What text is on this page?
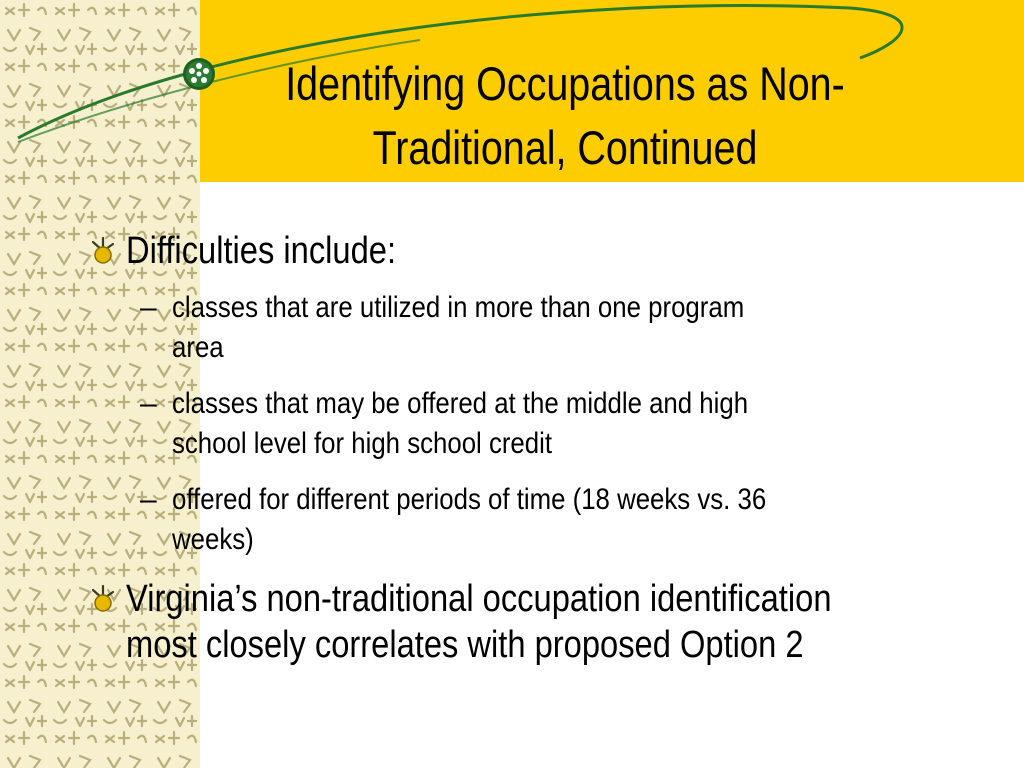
Identifying Occupations as Non-
Traditional, Continued
Difficulties include:
– classes that are utilized in more than one program
area
– classes that may be offered at the middle and high
school level for high school credit
– offered for different periods of time (18 weeks vs. 36
weeks)
Virginia’s non-traditional occupation identification
most closely correlates with proposed Option 2
